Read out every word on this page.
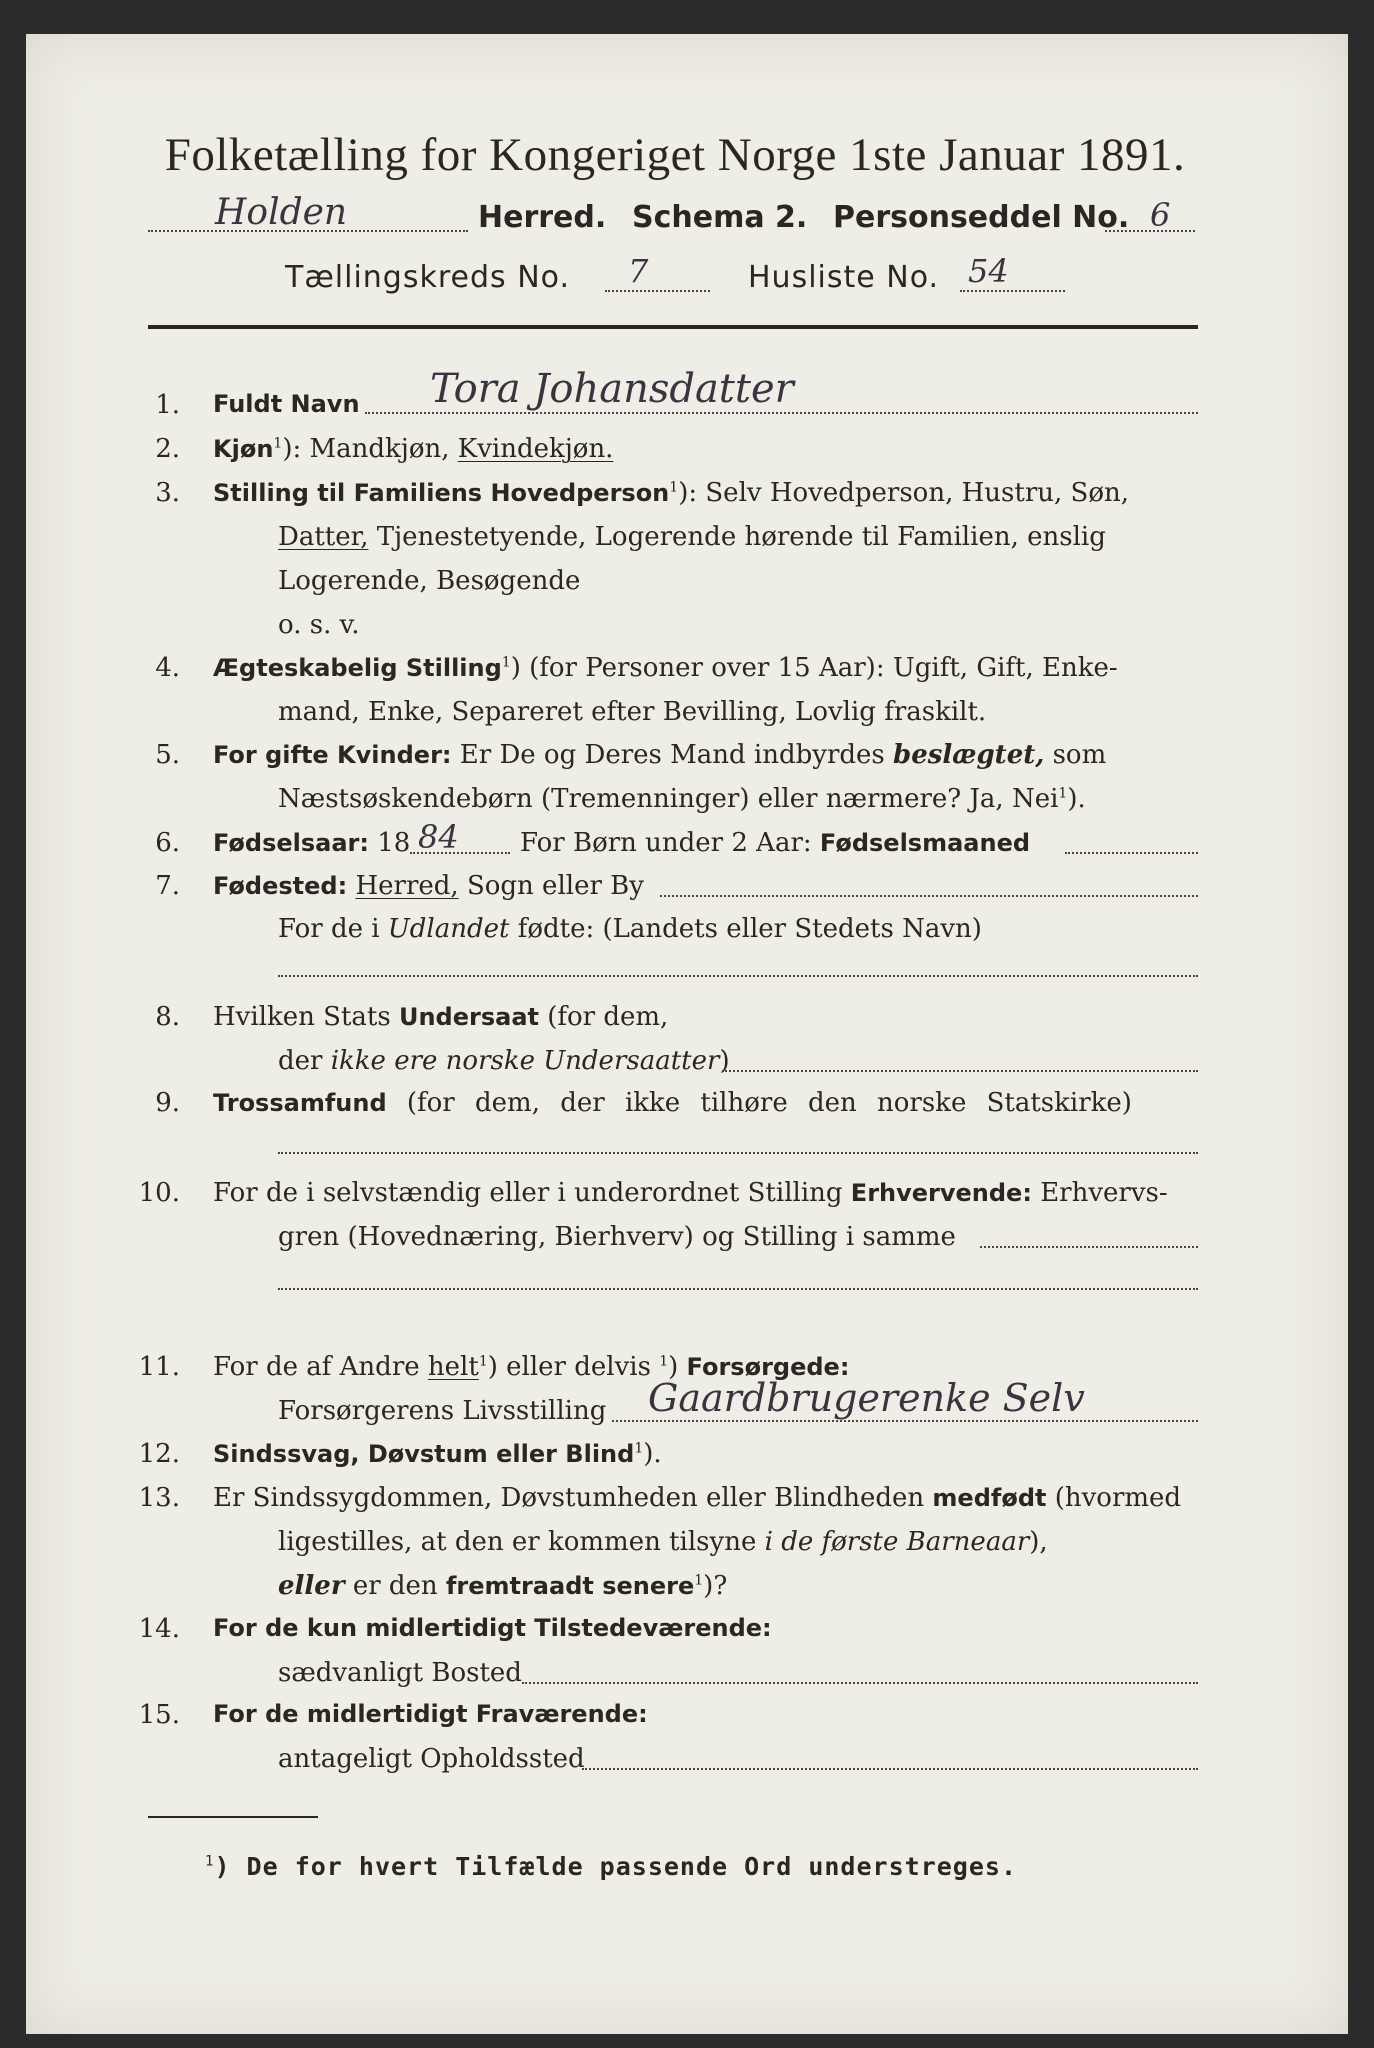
Folketælling for Kongeriget Norge 1ste Januar 1891.
Holden	Herred. Schema 2. Personseddel No. 6
Tællingskreds No. 7	Husliste No. 54
1. Fuldt Navn Tora Johansdatter
2. Kjøn$^1$): Mandkjøn, Kvindekjøn.
3. Stilling til Familiens Hovedperson$^1$): Selv Hovedperson, Hustru, Søn,
Datter, Tjenestetyende, Logerende hørende til Familien, enslig
Logerende, Besøgende
o. s. v.
4. Ægteskabelig Stilling$^1$) (for Personer over 15 Aar): Ugift, Gift, Enke-
mand, Enke, Separeret efter Bevilling, Lovlig fraskilt.
5. For gifte Kvinder: Er De og Deres Mand indbyrdes beslægtet, som
Næstsøskendebørn (Tremenninger) eller nærmere? Ja, Nei$^1$).
6. Fødselsaar: 18 84 For Børn under 2 Aar: Fødselsmaaned
7. Fødested: Herred, Sogn eller By
For de i Udlandet fødte: (Landets eller Stedets Navn)
8. Hvilken Stats Undersaat (for dem,
der ikke ere norske Undersaatter)
9. Trossamfund (for dem, der ikke tilhøre den norske Statskirke)
10. For de i selvstændig eller i underordnet Stilling Erhvervende: Erhvervs-
gren (Hovednæring, Bierhverv) og Stilling i samme
11. For de af Andre helt$^1$) eller delvis $^1$) Forsørgede:
Forsørgerens Livsstilling Gaardbrugerenke Selv
12. Sindssvag, Døvstum eller Blind$^1$).
13. Er Sindssygdommen, Døvstumheden eller Blindheden medfødt (hvormed
ligestilles, at den er kommen tilsyne i de første Barneaar),
eller er den fremtraadt senere$^1$)?
14. For de kun midlertidigt Tilstedeværende:
sædvanligt Bosted
15. For de midlertidigt Fraværende:
antageligt Opholdssted
$^1$) De for hvert Tilfælde passende Ord understreges.
